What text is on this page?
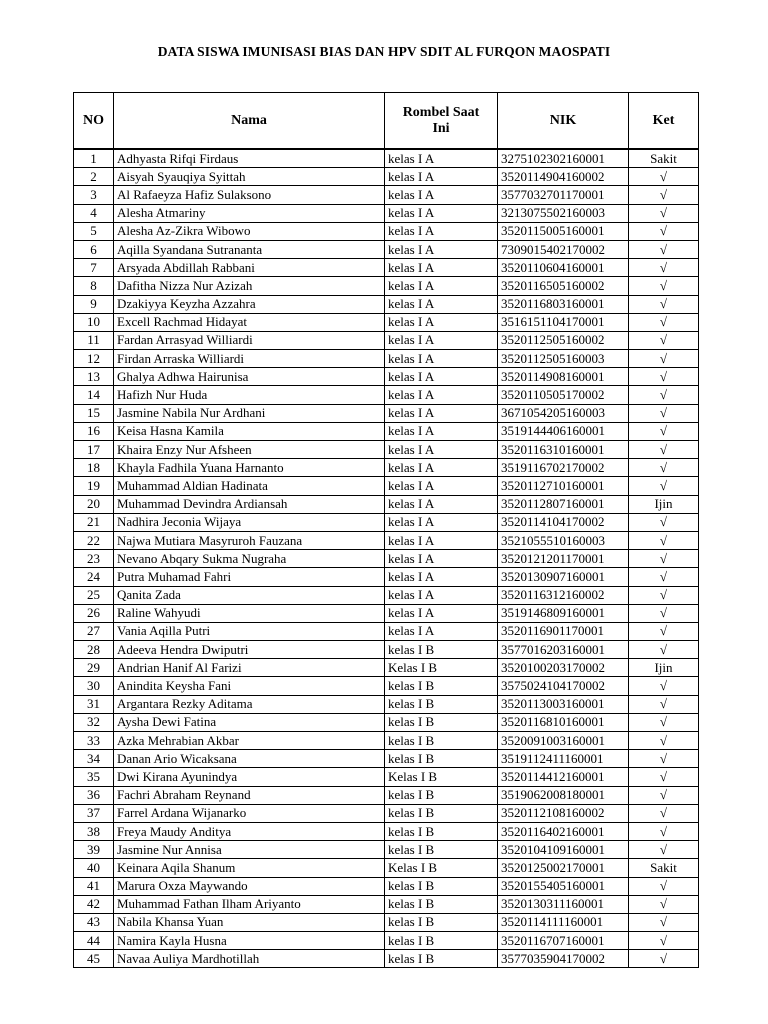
DATA SISWA IMUNISASI BIAS DAN HPV SDIT AL FURQON MAOSPATI
NO	Nama	Rombel Saat Ini	NIK	Ket
1	Adhyasta Rifqi Firdaus	kelas I A	3275102302160001	Sakit
2	Aisyah Syauqiya Syittah	kelas I A	3520114904160002	√
3	Al Rafaeyza Hafiz Sulaksono	kelas I A	3577032701170001	√
4	Alesha Atmariny	kelas I A	3213075502160003	√
5	Alesha Az-Zikra Wibowo	kelas I A	3520115005160001	√
6	Aqilla Syandana Sutrananta	kelas I A	7309015402170002	√
7	Arsyada Abdillah Rabbani	kelas I A	3520110604160001	√
8	Dafitha Nizza Nur Azizah	kelas I A	3520116505160002	√
9	Dzakiyya Keyzha Azzahra	kelas I A	3520116803160001	√
10	Excell Rachmad Hidayat	kelas I A	3516151104170001	√
11	Fardan Arrasyad Williardi	kelas I A	3520112505160002	√
12	Firdan Arraska Williardi	kelas I A	3520112505160003	√
13	Ghalya Adhwa Hairunisa	kelas I A	3520114908160001	√
14	Hafizh Nur Huda	kelas I A	3520110505170002	√
15	Jasmine Nabila Nur Ardhani	kelas I A	3671054205160003	√
16	Keisa Hasna Kamila	kelas I A	3519144406160001	√
17	Khaira Enzy Nur Afsheen	kelas I A	3520116310160001	√
18	Khayla Fadhila Yuana Harnanto	kelas I A	3519116702170002	√
19	Muhammad Aldian Hadinata	kelas I A	3520112710160001	√
20	Muhammad Devindra Ardiansah	kelas I A	3520112807160001	Ijin
21	Nadhira Jeconia Wijaya	kelas I A	3520114104170002	√
22	Najwa Mutiara Masyruroh Fauzana	kelas I A	3521055510160003	√
23	Nevano Abqary Sukma Nugraha	kelas I A	3520121201170001	√
24	Putra Muhamad Fahri	kelas I A	3520130907160001	√
25	Qanita Zada	kelas I A	3520116312160002	√
26	Raline Wahyudi	kelas I A	3519146809160001	√
27	Vania Aqilla Putri	kelas I A	3520116901170001	√
28	Adeeva Hendra Dwiputri	kelas I B	3577016203160001	√
29	Andrian Hanif Al Farizi	Kelas I B	3520100203170002	Ijin
30	Anindita Keysha Fani	kelas I B	3575024104170002	√
31	Argantara Rezky Aditama	kelas I B	3520113003160001	√
32	Aysha Dewi Fatina	kelas I B	3520116810160001	√
33	Azka Mehrabian Akbar	kelas I B	3520091003160001	√
34	Danan Ario Wicaksana	kelas I B	3519112411160001	√
35	Dwi Kirana Ayunindya	Kelas I B	3520114412160001	√
36	Fachri Abraham Reynand	kelas I B	3519062008180001	√
37	Farrel Ardana Wijanarko	kelas I B	3520112108160002	√
38	Freya Maudy Anditya	kelas I B	3520116402160001	√
39	Jasmine Nur Annisa	kelas I B	3520104109160001	√
40	Keinara Aqila Shanum	Kelas I B	3520125002170001	Sakit
41	Marura Oxza Maywando	kelas I B	3520155405160001	√
42	Muhammad Fathan Ilham Ariyanto	kelas I B	3520130311160001	√
43	Nabila Khansa Yuan	kelas I B	3520114111160001	√
44	Namira Kayla Husna	kelas I B	3520116707160001	√
45	Navaa Auliya Mardhotillah	kelas I B	3577035904170002	√
